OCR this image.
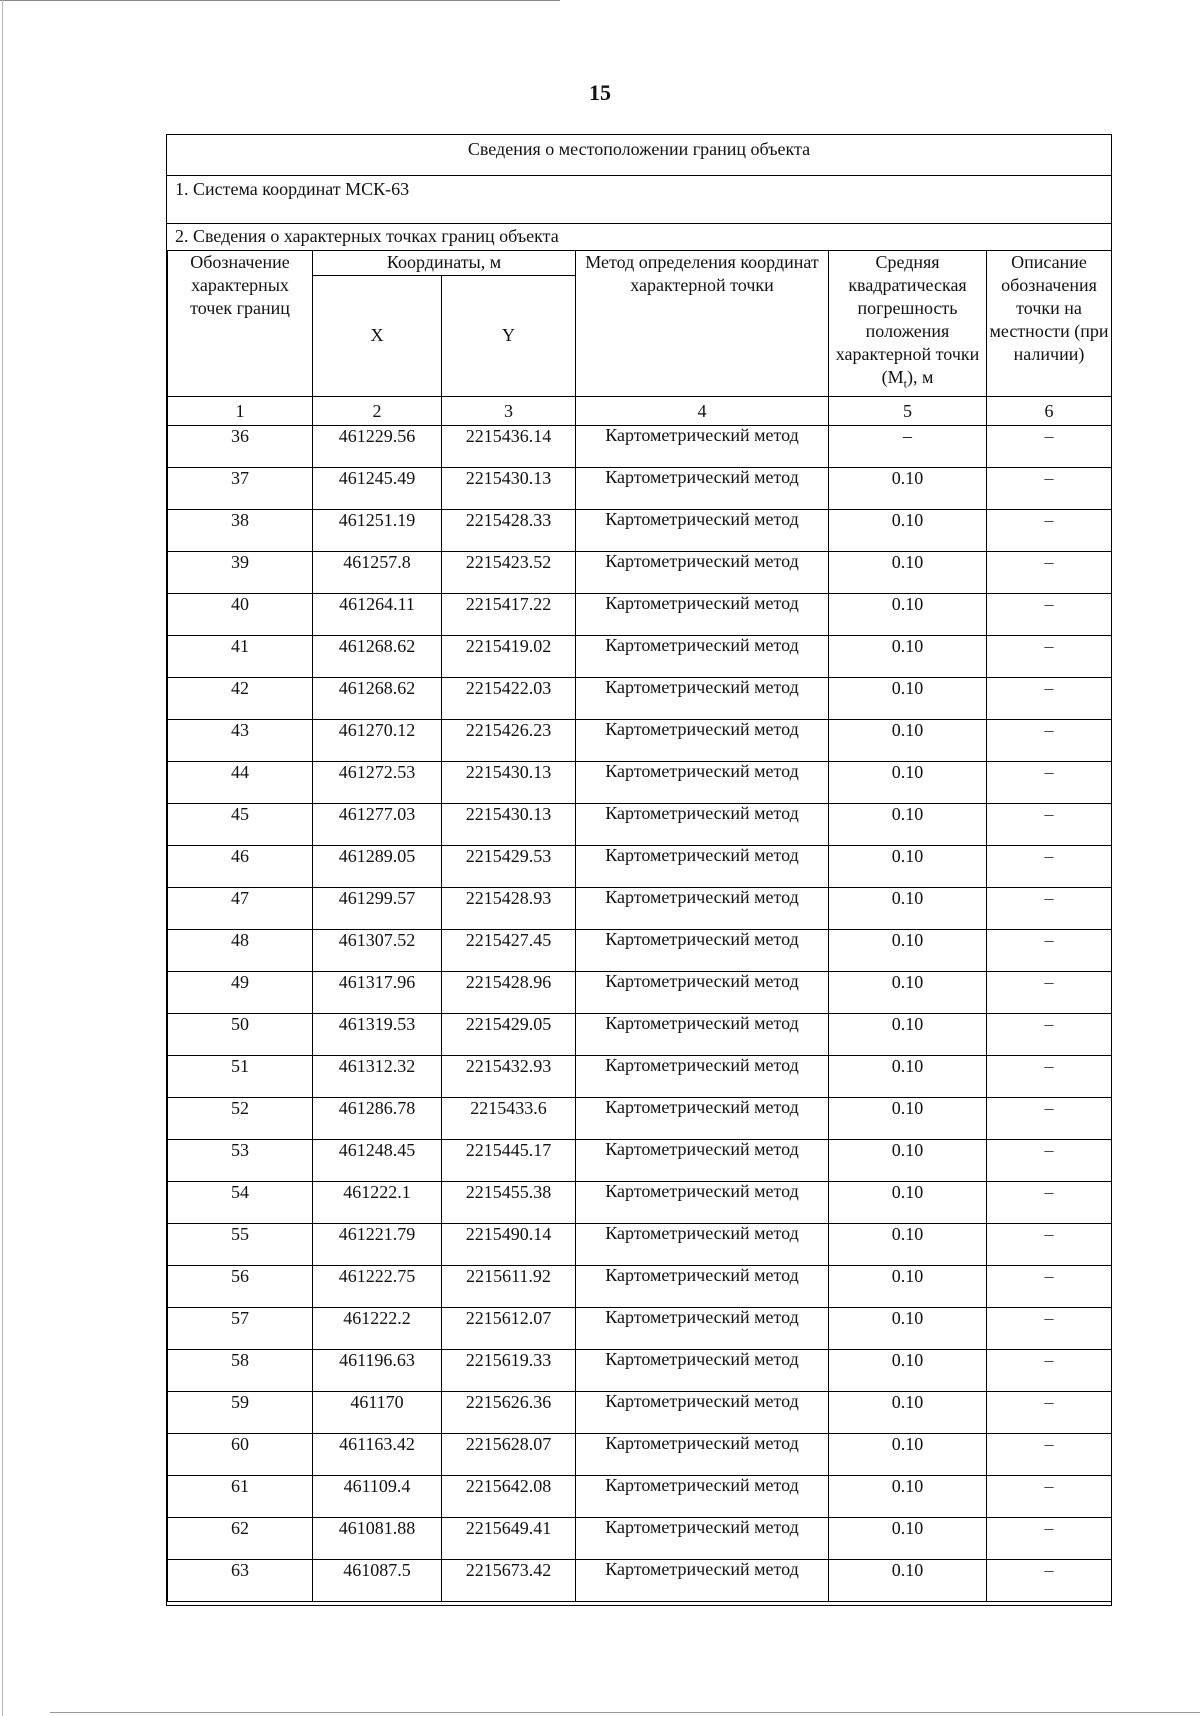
15
Сведения о местоположении границ объекта
1. Система координат МСК-63
2. Сведения о характерных точках границ объекта
Обозначение характерных точек границ	Координаты, м		Метод определения координат характерной точки	Средняя квадратическая погрешность положения характерной точки $(M_t)$, м	Описание обозначения точки на местности (при наличии)
	X	Y			
1	2	3	4	5	6
36	461229.56	2215436.14	Картометрический метод	–	–
37	461245.49	2215430.13	Картометрический метод	0.10	–
38	461251.19	2215428.33	Картометрический метод	0.10	–
39	461257.8	2215423.52	Картометрический метод	0.10	–
40	461264.11	2215417.22	Картометрический метод	0.10	–
41	461268.62	2215419.02	Картометрический метод	0.10	–
42	461268.62	2215422.03	Картометрический метод	0.10	–
43	461270.12	2215426.23	Картометрический метод	0.10	–
44	461272.53	2215430.13	Картометрический метод	0.10	–
45	461277.03	2215430.13	Картометрический метод	0.10	–
46	461289.05	2215429.53	Картометрический метод	0.10	–
47	461299.57	2215428.93	Картометрический метод	0.10	–
48	461307.52	2215427.45	Картометрический метод	0.10	–
49	461317.96	2215428.96	Картометрический метод	0.10	–
50	461319.53	2215429.05	Картометрический метод	0.10	–
51	461312.32	2215432.93	Картометрический метод	0.10	–
52	461286.78	2215433.6	Картометрический метод	0.10	–
53	461248.45	2215445.17	Картометрический метод	0.10	–
54	461222.1	2215455.38	Картометрический метод	0.10	–
55	461221.79	2215490.14	Картометрический метод	0.10	–
56	461222.75	2215611.92	Картометрический метод	0.10	–
57	461222.2	2215612.07	Картометрический метод	0.10	–
58	461196.63	2215619.33	Картометрический метод	0.10	–
59	461170	2215626.36	Картометрический метод	0.10	–
60	461163.42	2215628.07	Картометрический метод	0.10	–
61	461109.4	2215642.08	Картометрический метод	0.10	–
62	461081.88	2215649.41	Картометрический метод	0.10	–
63	461087.5	2215673.42	Картометрический метод	0.10	–
